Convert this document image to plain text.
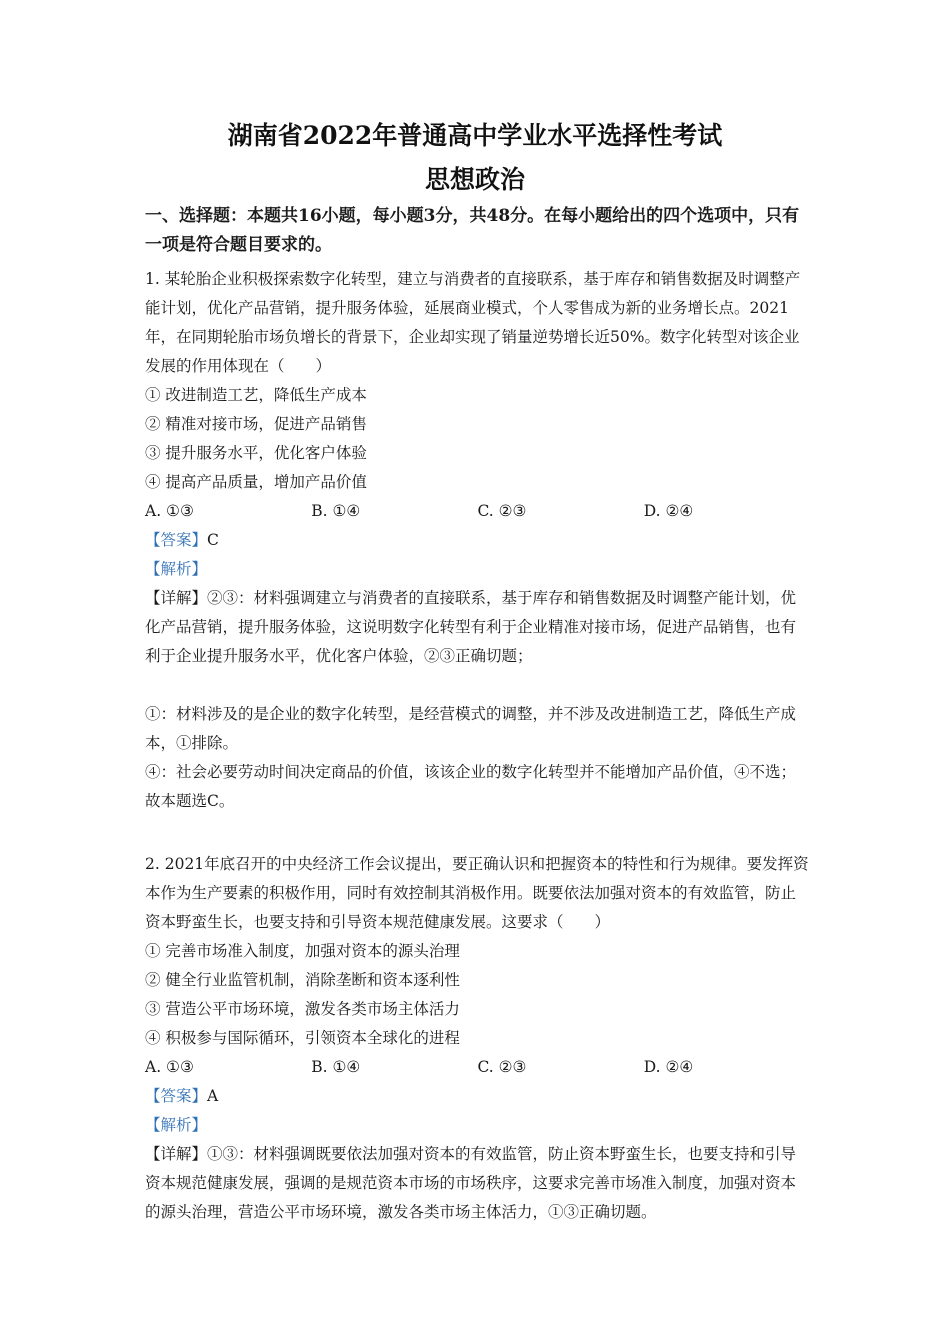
湖南省2022年普通高中学业水平选择性考试
思想政治
一、选择题：本题共16小题，每小题3分，共48分。在每小题给出的四个选项中，只有一项是符合题目要求的。

1. 某轮胎企业积极探索数字化转型，建立与消费者的直接联系，基于库存和销售数据及时调整产能计划，优化产品营销，提升服务体验，延展商业模式，个人零售成为新的业务增长点。2021年，在同期轮胎市场负增长的背景下，企业却实现了销量逆势增长近50%。数字化转型对该企业发展的作用体现在（　　）

① 改进制造工艺，降低生产成本

② 精准对接市场，促进产品销售

③ 提升服务水平，优化客户体验

④ 提高产品质量，增加产品价值

A. ①③	B. ①④	C. ②③	D. ②④

【答案】C

【解析】

【详解】②③：材料强调建立与消费者的直接联系，基于库存和销售数据及时调整产能计划，优化产品营销，提升服务体验，这说明数字化转型有利于企业精准对接市场，促进产品销售，也有利于企业提升服务水平，优化客户体验，②③正确切题；

①：材料涉及的是企业的数字化转型，是经营模式的调整，并不涉及改进制造工艺，降低生产成本，①排除。

④：社会必要劳动时间决定商品的价值，该该企业的数字化转型并不能增加产品价值，④不选；

故本题选C。

2. 2021年底召开的中央经济工作会议提出，要正确认识和把握资本的特性和行为规律。要发挥资本作为生产要素的积极作用，同时有效控制其消极作用。既要依法加强对资本的有效监管，防止资本野蛮生长，也要支持和引导资本规范健康发展。这要求（　　）

① 完善市场准入制度，加强对资本的源头治理

② 健全行业监管机制，消除垄断和资本逐利性

③ 营造公平市场环境，激发各类市场主体活力

④ 积极参与国际循环，引领资本全球化的进程

A. ①③	B. ①④	C. ②③	D. ②④

【答案】A

【解析】

【详解】①③：材料强调既要依法加强对资本的有效监管，防止资本野蛮生长，也要支持和引导资本规范健康发展，强调的是规范资本市场的市场秩序，这要求完善市场准入制度，加强对资本的源头治理，营造公平市场环境，激发各类市场主体活力，①③正确切题。
